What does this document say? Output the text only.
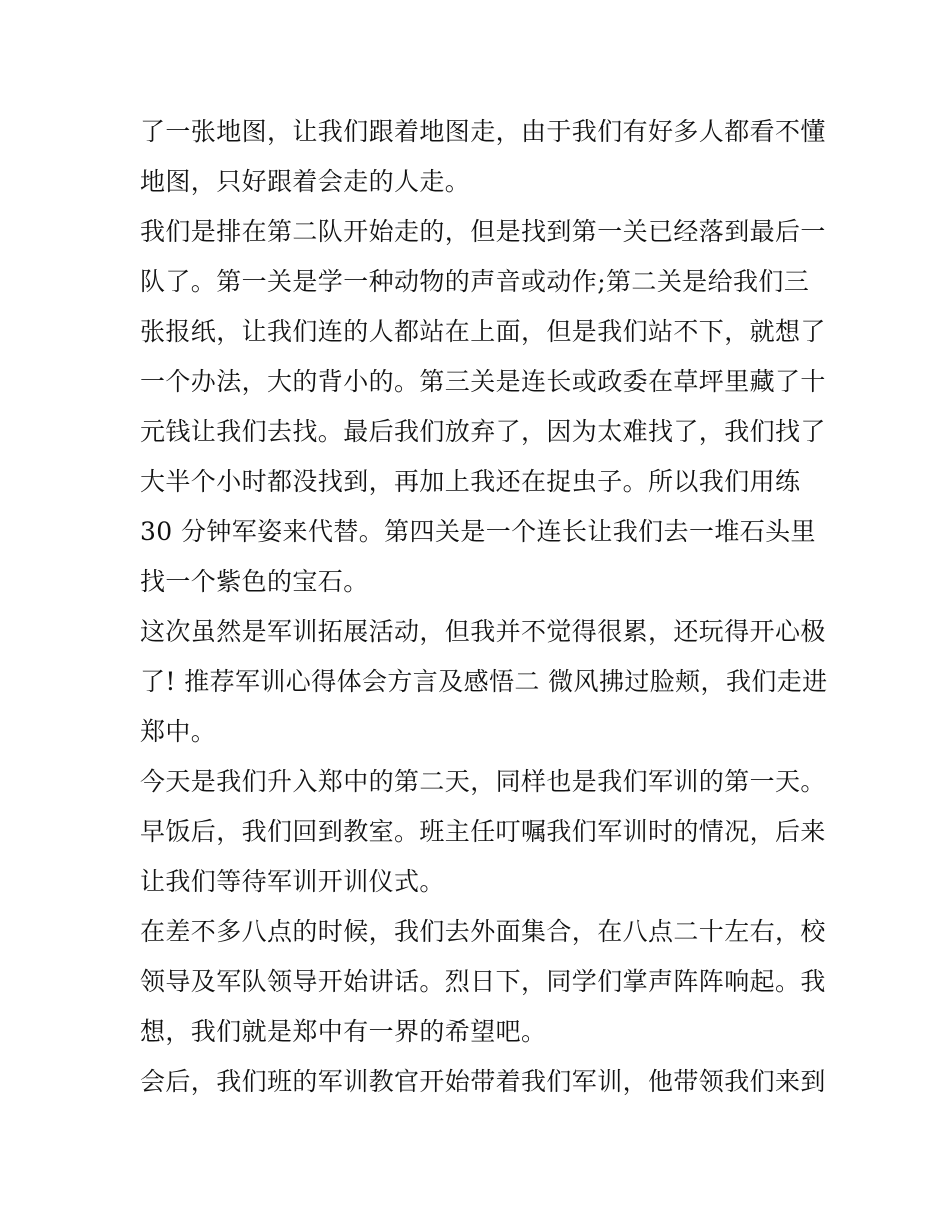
了一张地图，让我们跟着地图走，由于我们有好多人都看不懂
地图，只好跟着会走的人走。
我们是排在第二队开始走的，但是找到第一关已经落到最后一
队了。第一关是学一种动物的声音或动作;第二关是给我们三
张报纸，让我们连的人都站在上面，但是我们站不下，就想了
一个办法，大的背小的。第三关是连长或政委在草坪里藏了十
元钱让我们去找。最后我们放弃了，因为太难找了，我们找了
大半个小时都没找到，再加上我还在捉虫子。所以我们用练
30 分钟军姿来代替。第四关是一个连长让我们去一堆石头里
找一个紫色的宝石。
这次虽然是军训拓展活动，但我并不觉得很累，还玩得开心极
了! 推荐军训心得体会方言及感悟二 微风拂过脸颊，我们走进
郑中。
今天是我们升入郑中的第二天，同样也是我们军训的第一天。
早饭后，我们回到教室。班主任叮嘱我们军训时的情况，后来
让我们等待军训开训仪式。
在差不多八点的时候，我们去外面集合，在八点二十左右，校
领导及军队领导开始讲话。烈日下，同学们掌声阵阵响起。我
想，我们就是郑中有一界的希望吧。
会后，我们班的军训教官开始带着我们军训，他带领我们来到
